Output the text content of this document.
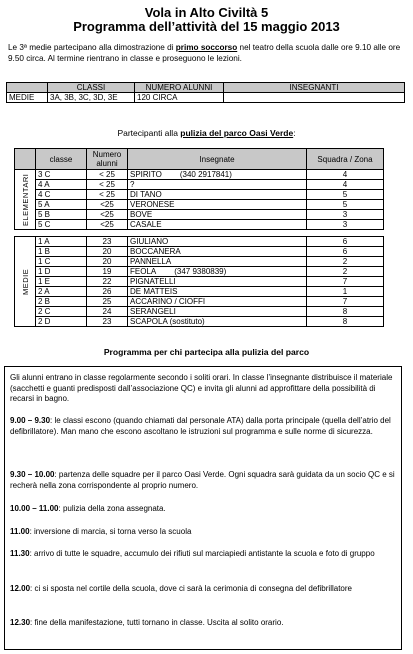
Vola in Alto Civiltà 5
Programma dell’attività del 15 maggio 2013
Le 3ª medie partecipano alla dimostrazione di primo soccorso nel teatro della scuola dalle ore 9.10 alle ore 9.50 circa. Al termine rientrano in classe e proseguono le lezioni.
	CLASSI	NUMERO ALUNNI	INSEGNANTI
MEDIE	3A, 3B, 3C, 3D, 3E	120 CIRCA	
Partecipanti alla pulizia del parco Oasi Verde:
	classe	Numero alunni	Insegnate	Squadra / Zona
ELEMENTARI	3 C	< 25	SPIRITO (340 2917841)	4
	4 A	< 25	?	4
	4 C	< 25	DI TANO	5
	5 A	<25	VERONESE	5
	5 B	<25	BOVE	3
	5 C	<25	CASALE	3

MEDIE	1 A	23	GIULIANO	6
	1 B	20	BOCCANERA	6
	1 C	20	PANNELLA	2
	1 D	19	FEOLA (347 9380839)	2
	1 E	22	PIGNATELLI	7
	2 A	26	DE MATTEIS	1
	2 B	25	ACCARINO / CIOFFI	7
	2 C	24	SERANGELI	8
	2 D	23	SCAPOLA (sostituto)	8
Programma per chi partecipa alla pulizia del parco

Gli alunni entrano in classe regolarmente secondo i soliti orari. In classe l’insegnante distribuisce il materiale (sacchetti e guanti predisposti dall’associazione QC) e invita gli alunni ad approfittare della possibilità di recarsi in bagno.

9.00 – 9.30: le classi escono (quando chiamati dal personale ATA) dalla porta principale (quella dell’atrio del defibrillatore). Man mano che escono ascoltano le istruzioni sul programma e sulle norme di sicurezza.

9.30 – 10.00: partenza delle squadre per il parco Oasi Verde. Ogni squadra sarà guidata da un socio QC e si recherà nella zona corrispondente al proprio numero.

10.00 – 11.00: pulizia della zona assegnata.

11.00: inversione di marcia, si torna verso la scuola

11.30: arrivo di tutte le squadre, accumulo dei rifiuti sul marciapiedi antistante la scuola e foto di gruppo

12.00: ci si sposta nel cortile della scuola, dove ci sarà la cerimonia di consegna del defibrillatore

12.30: fine della manifestazione, tutti tornano in classe. Uscita al solito orario.
